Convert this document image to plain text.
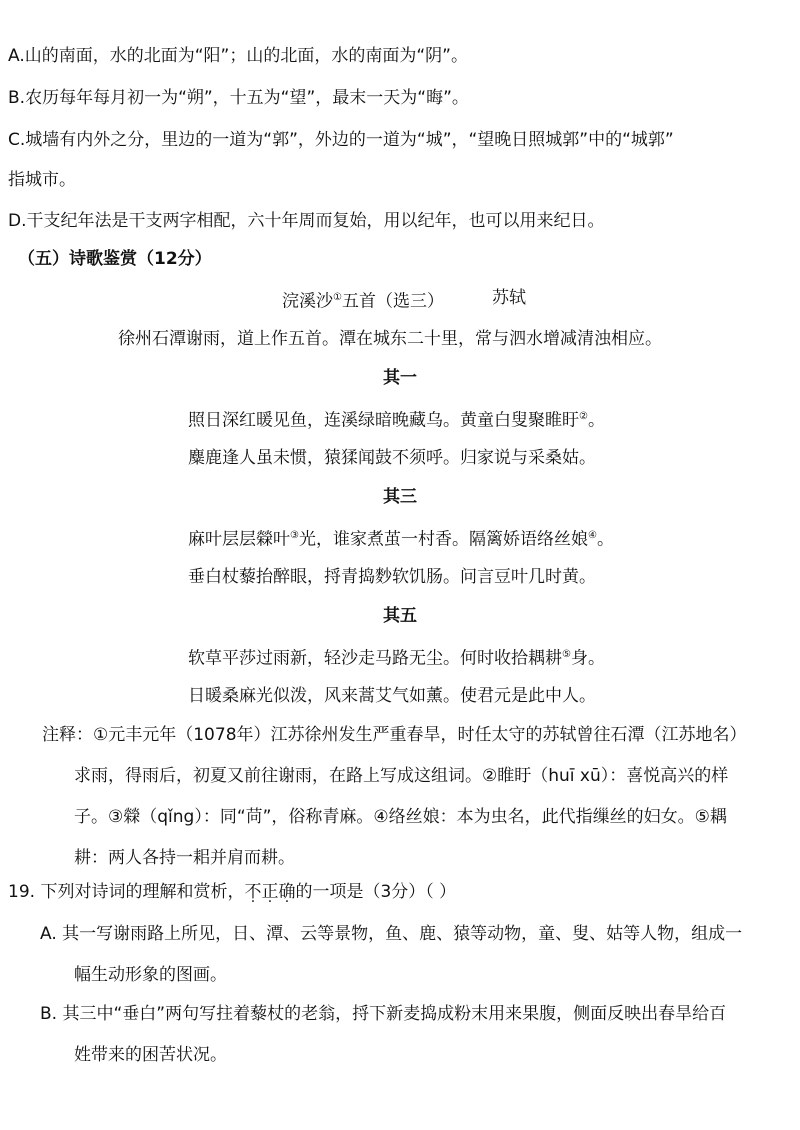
A.山的南面，水的北面为“阳”；山的北面，水的南面为“阴”。
B.农历每年每月初一为“朔”，十五为“望”，最末一天为“晦”。
C.城墙有内外之分，里边的一道为“郭”，外边的一道为“城”，“望晚日照城郭”中的“城郭”
指城市。
D.干支纪年法是干支两字相配，六十年周而复始，用以纪年，也可以用来纪日。
（五）诗歌鉴赏（12分）
浣溪沙①五首（选三）	苏轼
徐州石潭谢雨，道上作五首。潭在城东二十里，常与泗水增减清浊相应。
其一
照日深红暖见鱼，连溪绿暗晚藏乌。黄童白叟聚睢盱②。
麋鹿逢人虽未惯，猿猱闻鼓不须呼。归家说与采桑姑。
其三
麻叶层层檾叶③光，谁家煮茧一村香。隔篱娇语络丝娘④。
垂白杖藜抬醉眼，捋青捣麨软饥肠。问言豆叶几时黄。
其五
软草平莎过雨新，轻沙走马路无尘。何时收拾耦耕⑤身。
日暖桑麻光似泼，风来蒿艾气如薰。使君元是此中人。
注释：①元丰元年（1078年）江苏徐州发生严重春旱，时任太守的苏轼曾往石潭（江苏地名）
求雨，得雨后，初夏又前往谢雨，在路上写成这组词。②睢盱（huī xū）：喜悦高兴的样
子。③檾（qǐng）：同“苘”，俗称青麻。④络丝娘：本为虫名，此代指缫丝的妇女。⑤耦
耕：两人各持一耜并肩而耕。
19. 下列对诗词的理解和赏析，不正确的一项是（3分）（ ）
A. 其一写谢雨路上所见，日、潭、云等景物，鱼、鹿、猿等动物，童、叟、姑等人物，组成一
幅生动形象的图画。
B. 其三中“垂白”两句写拄着藜杖的老翁，捋下新麦捣成粉末用来果腹，侧面反映出春旱给百
姓带来的困苦状况。
